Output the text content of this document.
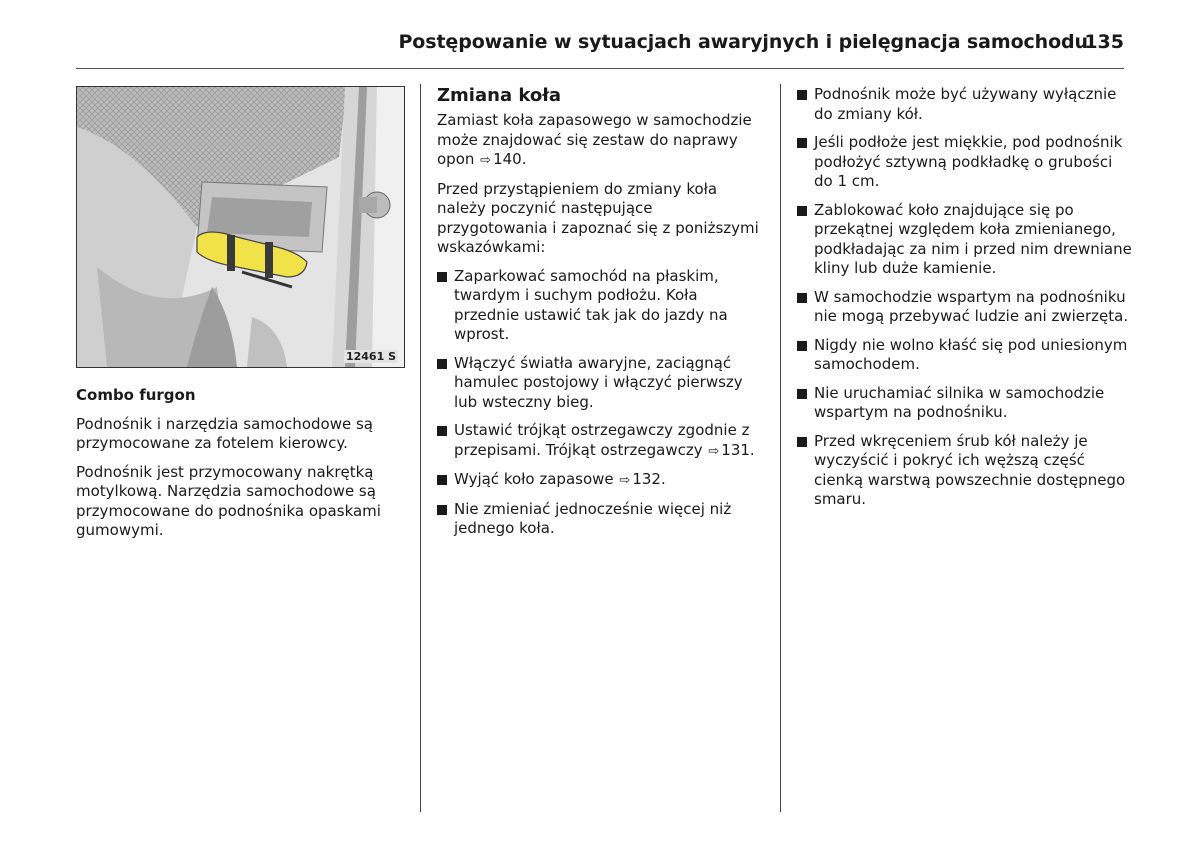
Postępowanie w sytuacjach awaryjnych i pielęgnacja samochodu
135
12461 S

Combo furgon

Podnośnik i narzędzia samochodowe są przymocowane za fotelem kierowcy.

Podnośnik jest przymocowany nakrętką motylkową. Narzędzia samochodowe są przymocowane do podnośnika opaskami gumowymi.

Zmiana koła

Zamiast koła zapasowego w samochodzie może znajdować się zestaw do naprawy opon ⇨ 140.

Przed przystąpieniem do zmiany koła należy poczynić następujące przygotowania i zapoznać się z poniższymi wskazówkami:

Zaparkować samochód na płaskim, twardym i suchym podłożu. Koła przednie ustawić tak jak do jazdy na wprost.
Włączyć światła awaryjne, zaciągnąć hamulec postojowy i włączyć pierwszy lub wsteczny bieg.
Ustawić trójkąt ostrzegawczy zgodnie z przepisami. Trójkąt ostrzegawczy ⇨ 131.
Wyjąć koło zapasowe ⇨ 132.
Nie zmieniać jednocześnie więcej niż jednego koła.
Podnośnik może być używany wyłącznie do zmiany kół.
Jeśli podłoże jest miękkie, pod podnośnik podłożyć sztywną podkładkę o grubości do 1 cm.
Zablokować koło znajdujące się po przekątnej względem koła zmienianego, podkładając za nim i przed nim drewniane kliny lub duże kamienie.
W samochodzie wspartym na podnośniku nie mogą przebywać ludzie ani zwierzęta.
Nigdy nie wolno kłaść się pod uniesionym samochodem.
Nie uruchamiać silnika w samochodzie wspartym na podnośniku.
Przed wkręceniem śrub kół należy je wyczyścić i pokryć ich węższą część cienką warstwą powszechnie dostępnego smaru.
